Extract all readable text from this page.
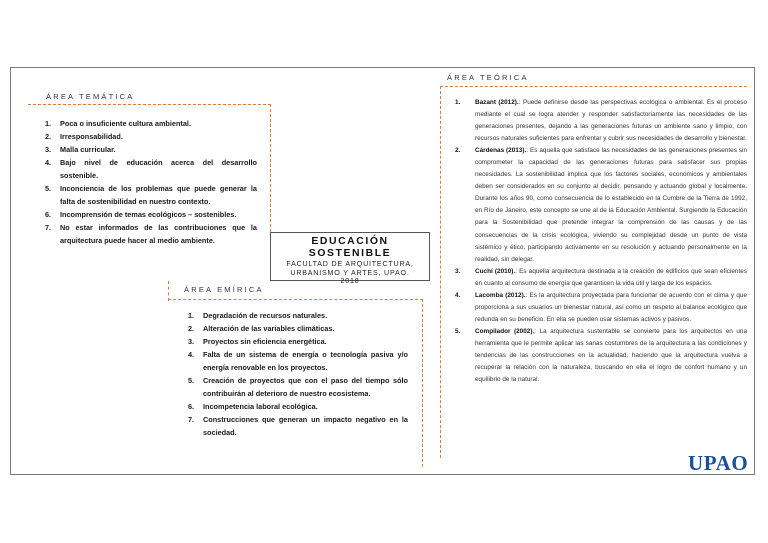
ÁREA TEMÁTICA
1.	Poca o insuficiente cultura ambiental.
2.	Irresponsabilidad.
3.	Malla curricular.
4.	Bajo nivel de educación acerca del desarrollo sostenible.
5.	Inconciencia de los problemas que puede generar la falta de sostenibilidad en nuestro contexto.
6.	Incomprensión de temas ecológicos – sostenibles.
7.	No estar informados de las contribuciones que la arquitectura puede hacer al medio ambiente.	EDUCACIÓN SOSTENIBLE
FACULTAD DE ARQUITECTURA,
URBANISMO Y ARTES, UPAO.
2018
ÁREA EMÍRICA
1.	Degradación de recursos naturales.
2.	Alteración de las variables climáticas.
3.	Proyectos sin eficiencia energética.
4.	Falta de un sistema de energía o tecnología pasiva y/o energía renovable en los proyectos.
5.	Creación de proyectos que con el paso del tiempo sólo contribuirán al deterioro de nuestro ecosistema.
6.	Incompetencia laboral ecológica.
7.	Construcciones que generan un impacto negativo en la sociedad.
ÁREA TEÓRICA
1.	Bazant (2012).: Puede definirse desde las perspectivas ecológica o ambiental. Es el proceso mediante el cual se logra atender y responder satisfactoriamente las necesidades de las generaciones presentes, dejando a las generaciones futuras un ambiente sano y limpio, con recursos naturales suficientes para enfrentar y cubrir sus necesidades de desarrollo y bienestar.
2.	Cárdenas (2013).: Es aquella que satisface las necesidades de las generaciones presentes sin comprometer la capacidad de las generaciones futuras para satisfacer sus propias necesidades. La sostenibilidad implica que los factores sociales, económicos y ambientales deben ser considerados en su conjunto al decidir, pensando y actuando global y localmente. Durante los años 90, como consecuencia de lo establecido en la Cumbre de la Tierra de 1992, en Río de Janeiro, este concepto se une al de la Educación Ambiental. Surgiendo la Educación para la Sostenibilidad que pretende integrar la comprensión de las causas y de las consecuencias de la crisis ecológica, viviendo su complejidad desde un punto de vista sistémico y ético, participando activamente en su resolución y actuando personalmente en la realidad, sin delegar.
3.	Cuchí (2010).: Es aquella arquitectura destinada a la creación de edificios que sean eficientes en cuanto al consumo de energía que garanticen la vida útil y larga de los espacios.
4.	Lacomba (2012).: Es la arquitectura proyectada para funcionar de acuerdo con el clima y que proporciona a sus usuarios un bienestar natural, así como un respeto al balance ecológico que redunda en su beneficio. En ella se pueden usar sistemas activos y pasivos.
5.	Compilador (2002).: La arquitectura sustentable se convierte para los arquitectos en una herramienta que le permite aplicar las sanas costumbres de la arquitectura a las condiciones y tendencias de las construcciones en la actualidad, haciendo que la arquitectura vuelva a recuperar la relación con la naturaleza, buscando en ella el logro de confort humano y un equilibrio de la natural.
UPAO
